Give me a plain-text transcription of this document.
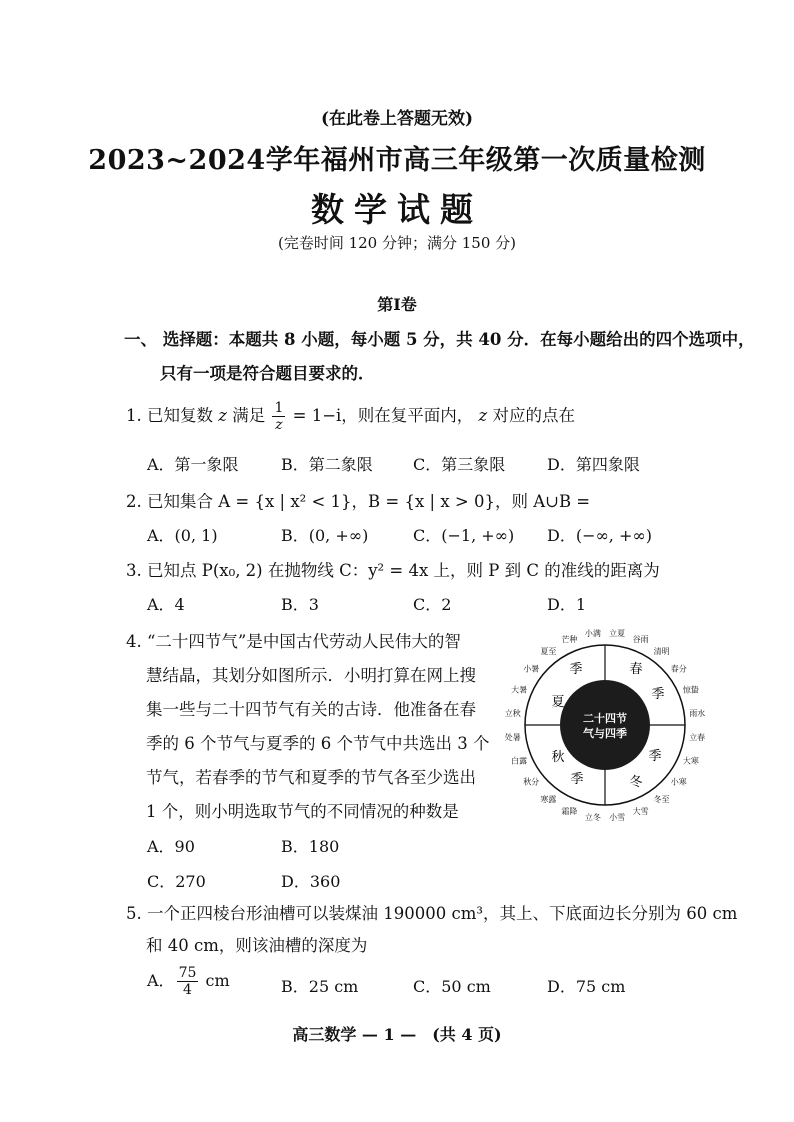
(在此卷上答题无效)
2023~2024学年福州市高三年级第一次质量检测
数学试题
(完卷时间 120 分钟；满分 150 分)
第Ⅰ卷
一、 选择题：本题共 8 小题，每小题 5 分，共 40 分．在每小题给出的四个选项中，
只有一项是符合题目要求的．
1. 已知复数 z 满足 $\frac{1}{z} = 1-i$，则在复平面内， z 对应的点在
A．第一象限	B．第二象限	C．第三象限	D．第四象限
2. 已知集合 A = {x | x² < 1}，B = {x | x > 0}，则 A∪B =
A．(0, 1)	B．(0, +∞)	C．(−1, +∞) D．(−∞, +∞)
3. 已知点 P(x₀, 2) 在抛物线 C：y² = 4x 上，则 P 到 C 的准线的距离为
A．4	B．3	C．2	D．1
4. “二十四节气”是中国古代劳动人民伟大的智
慧结晶，其划分如图所示．小明打算在网上搜
集一些与二十四节气有关的古诗．他准备在春
季的 6 个节气与夏季的 6 个节气中共选出 3 个
节气，若春季的节气和夏季的节气各至少选出
1 个，则小明选取节气的不同情况的种数是
A．90	B．180
C．270	D．360
二十四节
气与四季
春
季
夏
季
秋
季
季
冬
立夏
谷雨
清明
春分
惊蛰
雨水
立春
大寒
小寒
冬至
大雪
小雪
立冬
霜降
寒露
秋分
白露
处暑
立秋
大暑
小暑
夏至
芒种
小满
5. 一个正四棱台形油槽可以装煤油 190000 cm³，其上、下底面边长分别为 60 cm
和 40 cm，则该油槽的深度为
A． $\frac{75}{4}$ cm	B．25 cm	C．50 cm	D．75 cm
高三数学 — 1 —　(共 4 页)
